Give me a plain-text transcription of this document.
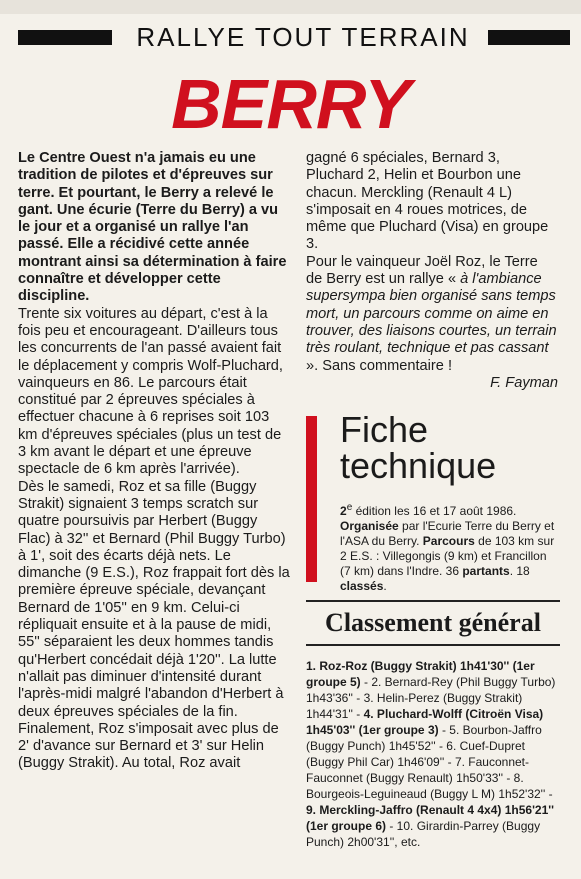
RALLYE TOUT TERRAIN
BERRY

Le Centre Ouest n'a jamais eu une tradition de pilotes et d'épreuves sur terre. Et pourtant, le Berry a relevé le gant. Une écurie (Terre du Berry) a vu le jour et a organisé un rallye l'an passé. Elle a récidivé cette année montrant ainsi sa détermination à faire connaître et développer cette discipline.

Trente six voitures au départ, c'est à la fois peu et encourageant. D'ailleurs tous les concurrents de l'an passé avaient fait le déplacement y compris Wolf-Pluchard, vainqueurs en 86. Le parcours était constitué par 2 épreuves spéciales à effectuer chacune à 6 reprises soit 103 km d'épreuves spéciales (plus un test de 3 km avant le départ et une épreuve spectacle de 6 km après l'arrivée).

Dès le samedi, Roz et sa fille (Buggy Strakit) signaient 3 temps scratch sur quatre poursuivis par Herbert (Buggy Flac) à 32'' et Bernard (Phil Buggy Turbo) à 1', soit des écarts déjà nets. Le dimanche (9 E.S.), Roz frappait fort dès la première épreuve spéciale, devançant Bernard de 1'05'' en 9 km. Celui-ci répliquait ensuite et à la pause de midi, 55'' séparaient les deux hommes tandis qu'Herbert concédait déjà 1'20''. La lutte n'allait pas diminuer d'intensité durant l'après-midi malgré l'abandon d'Herbert à deux épreuves spéciales de la fin. Finalement, Roz s'imposait avec plus de 2' d'avance sur Bernard et 3' sur Helin (Buggy Strakit). Au total, Roz avait

gagné 6 spéciales, Bernard 3, Pluchard 2, Helin et Bourbon une chacun. Merckling (Renault 4 L) s'imposait en 4 roues motrices, de même que Pluchard (Visa) en groupe 3.

Pour le vainqueur Joël Roz, le Terre de Berry est un rallye « à l'ambiance supersympa bien organisé sans temps mort, un parcours comme on aime en trouver, des liaisons courtes, un terrain très roulant, technique et pas cassant ». Sans commentaire !

F. Fayman

Fiche
technique
2e édition les 16 et 17 août 1986. Organisée par l'Ecurie Terre du Berry et l'ASA du Berry. Parcours de 103 km sur 2 E.S. : Villegongis (9 km) et Francillon (7 km) dans l'Indre. 36 partants. 18 classés.
Classement général
1. Roz-Roz (Buggy Strakit) 1h41'30'' (1er groupe 5) - 2. Bernard-Rey (Phil Buggy Turbo) 1h43'36'' - 3. Helin-Perez (Buggy Strakit) 1h44'31'' - 4. Pluchard-Wolff (Citroën Visa) 1h45'03'' (1er groupe 3) - 5. Bourbon-Jaffro (Buggy Punch) 1h45'52'' - 6. Cuef-Dupret (Buggy Phil Car) 1h46'09'' - 7. Fauconnet-Fauconnet (Buggy Renault) 1h50'33'' - 8. Bourgeois-Leguineaud (Buggy L M) 1h52'32'' - 9. Merckling-Jaffro (Renault 4 4x4) 1h56'21'' (1er groupe 6) - 10. Girardin-Parrey (Buggy Punch) 2h00'31'', etc.
